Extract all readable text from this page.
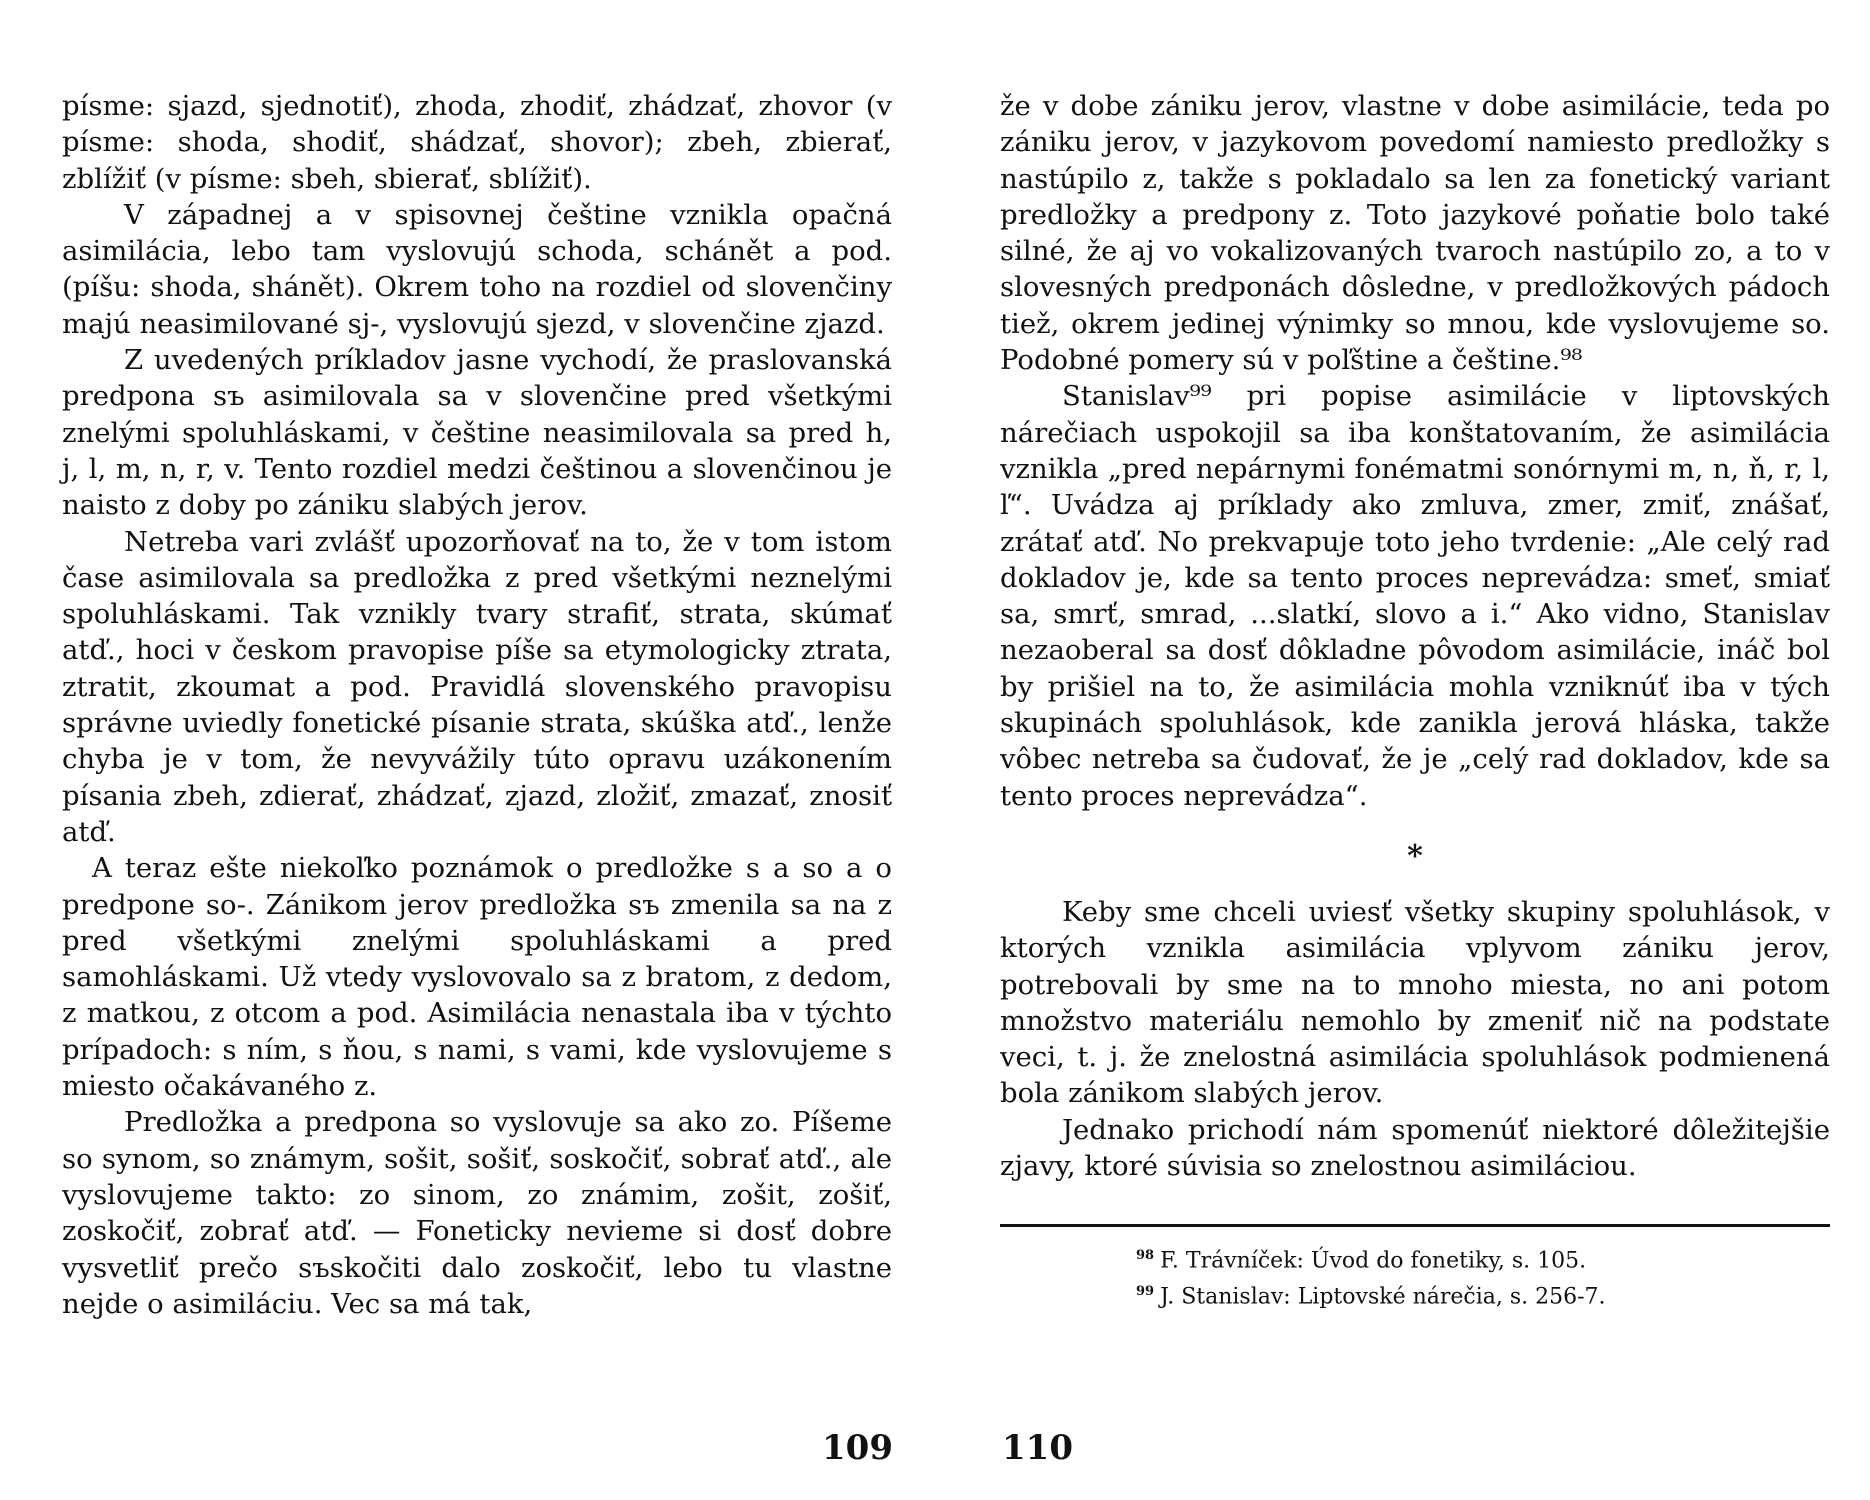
písme: sjazd, sjednotiť), zhoda, zhodiť, zhádzať, zhovor (v písme: shoda, shodiť, shádzať, shovor); zbeh, zbierať, zblížiť (v písme: sbeh, sbierať, sblížiť).

V západnej a v spisovnej češtine vznikla opačná asimilácia, lebo tam vyslovujú schoda, schánět a pod. (píšu: shoda, shánět). Okrem toho na rozdiel od slovenčiny majú neasimilované sj-, vyslovujú sjezd, v slovenčine zjazd.

Z uvedených príkladov jasne vychodí, že praslovanská predpona sъ asimilovala sa v slovenčine pred všetkými znelými spoluhláskami, v češtine neasimilovala sa pred h, j, l, m, n, r, v. Tento rozdiel medzi češtinou a slovenčinou je naisto z doby po zániku slabých jerov.

Netreba vari zvlášť upozorňovať na to, že v tom istom čase asimilovala sa predložka z pred všetkými neznelými spoluhláskami. Tak vznikly tvary strafiť, strata, skúmať atď., hoci v českom pravopise píše sa etymologicky ztrata, ztratit, zkoumat a pod. Pravidlá slovenského pravopisu správne uviedly fonetické písanie strata, skúška atď., lenže chyba je v tom, že nevyvážily túto opravu uzákonením písania zbeh, zdierať, zhádzať, zjazd, zložiť, zmazať, znosiť atď.

A teraz ešte niekoľko poznámok o predložke s a so a o predpone so-. Zánikom jerov predložka sъ zmenila sa na z pred všetkými znelými spoluhláskami a pred samohláskami. Už vtedy vyslovovalo sa z bratom, z dedom, z matkou, z otcom a pod. Asimilácia nenastala iba v týchto prípadoch: s ním, s ňou, s nami, s vami, kde vyslovujeme s miesto očakávaného z.

Predložka a predpona so vyslovuje sa ako zo. Píšeme so synom, so známym, sošit, sošiť, soskočiť, sobrať atď., ale vyslovujeme takto: zo sinom, zo známim, zošit, zošiť, zoskočiť, zobrať atď. — Foneticky nevieme si dosť dobre vysvetliť prečo sъskočiti dalo zoskočiť, lebo tu vlastne nejde o asimiláciu. Vec sa má tak,

že v dobe zániku jerov, vlastne v dobe asimilácie, teda po zániku jerov, v jazykovom povedomí namiesto predložky s nastúpilo z, takže s pokladalo sa len za fonetický variant predložky a predpony z. Toto jazykové poňatie bolo také silné, že aj vo vokalizovaných tvaroch nastúpilo zo, a to v slovesných predponách dôsledne, v predložkových pádoch tiež, okrem jedinej výnimky so mnou, kde vyslovujeme so. Podobné pomery sú v poľštine a češtine.⁹⁸

Stanislav⁹⁹ pri popise asimilácie v liptovských nárečiach uspokojil sa iba konštatovaním, že asimilácia vznikla „pred nepárnymi fonématmi sonórnymi m, n, ň, r, l, ľ“. Uvádza aj príklady ako zmluva, zmer, zmiť, znášať, zrátať atď. No prekvapuje toto jeho tvrdenie: „Ale celý rad dokladov je, kde sa tento proces neprevádza: smeť, smiať sa, smrť, smrad, ...slatkí, slovo a i.“ Ako vidno, Stanislav nezaoberal sa dosť dôkladne pôvodom asimilácie, ináč bol by prišiel na to, že asimilácia mohla vzniknúť iba v tých skupinách spoluhlások, kde zanikla jerová hláska, takže vôbec netreba sa čudovať, že je „celý rad dokladov, kde sa tento proces neprevádza“.

*

Keby sme chceli uviesť všetky skupiny spoluhlások, v ktorých vznikla asimilácia vplyvom zániku jerov, potrebovali by sme na to mnoho miesta, no ani potom množstvo materiálu nemohlo by zmeniť nič na podstate veci, t. j. že znelostná asimilácia spoluhlások podmienená bola zánikom slabých jerov.

Jednako prichodí nám spomenúť niektoré dôležitejšie zjavy, ktoré súvisia so znelostnou asimiláciou.

$^{98}$ F. Trávníček: Úvod do fonetiky, s. 105.

$^{99}$ J. Stanislav: Liptovské nárečia, s. 256-7.

109	110
